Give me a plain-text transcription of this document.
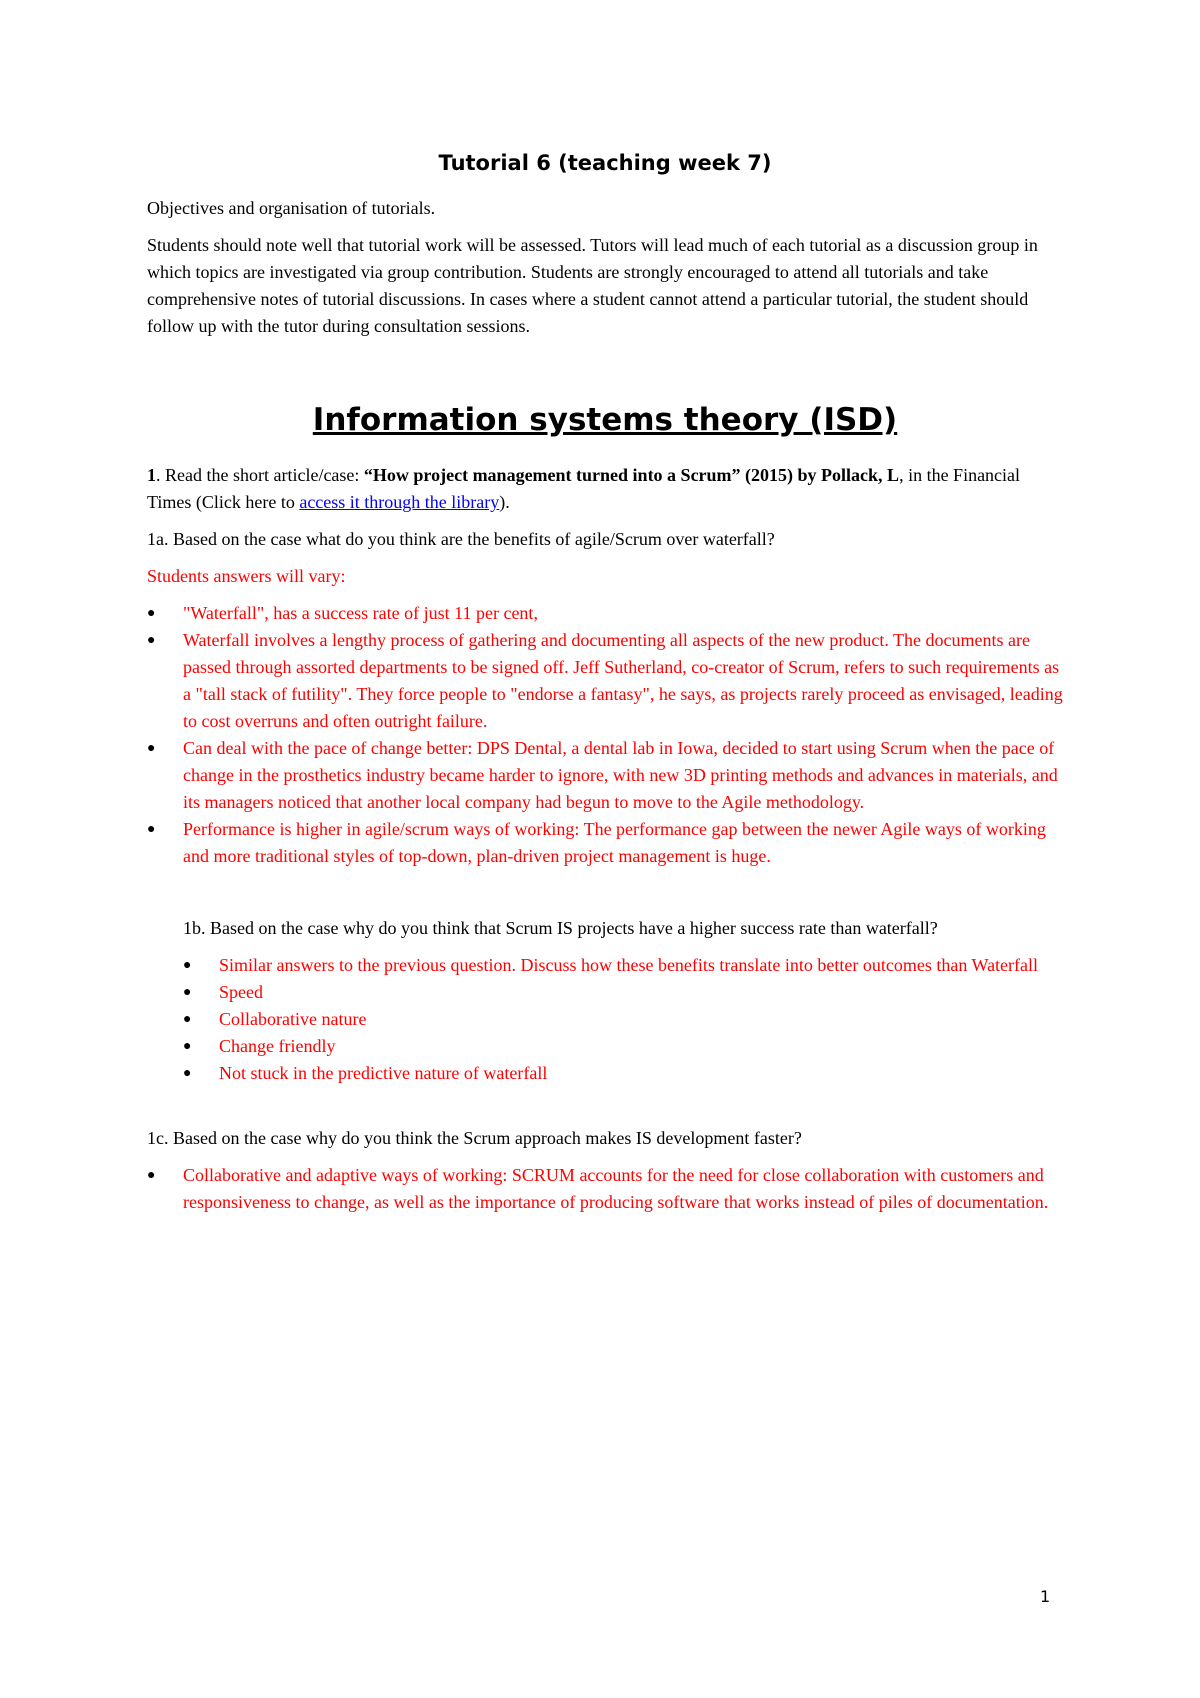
Tutorial 6 (teaching week 7)

Objectives and organisation of tutorials.

Students should note well that tutorial work will be assessed. Tutors will lead much of each tutorial as a discussion group in which topics are investigated via group contribution. Students are strongly encouraged to attend all tutorials and take comprehensive notes of tutorial discussions. In cases where a student cannot attend a particular tutorial, the student should follow up with the tutor during consultation sessions.

Information systems theory (ISD)

1. Read the short article/case: “How project management turned into a Scrum” (2015) by Pollack, L, in the Financial Times (Click here to access it through the library).

1a. Based on the case what do you think are the benefits of agile/Scrum over waterfall?

Students answers will vary:

●	"Waterfall", has a success rate of just 11 per cent,
●	Waterfall involves a lengthy process of gathering and documenting all aspects of the new product. The documents are passed through assorted departments to be signed off. Jeff Sutherland, co-creator of Scrum, refers to such requirements as a "tall stack of futility". They force people to "endorse a fantasy", he says, as projects rarely proceed as envisaged, leading to cost overruns and often outright failure.
●	Can deal with the pace of change better: DPS Dental, a dental lab in Iowa, decided to start using Scrum when the pace of change in the prosthetics industry became harder to ignore, with new 3D printing methods and advances in materials, and its managers noticed that another local company had begun to move to the Agile methodology.
●	Performance is higher in agile/scrum ways of working: The performance gap between the newer Agile ways of working and more traditional styles of top-down, plan-driven project management is huge.

1b. Based on the case why do you think that Scrum IS projects have a higher success rate than waterfall?

●	Similar answers to the previous question. Discuss how these benefits translate into better outcomes than Waterfall
●	Speed
●	Collaborative nature
●	Change friendly
●	Not stuck in the predictive nature of waterfall

1c. Based on the case why do you think the Scrum approach makes IS development faster?

●	Collaborative and adaptive ways of working: SCRUM accounts for the need for close collaboration with customers and responsiveness to change, as well as the importance of producing software that works instead of piles of documentation.
1
